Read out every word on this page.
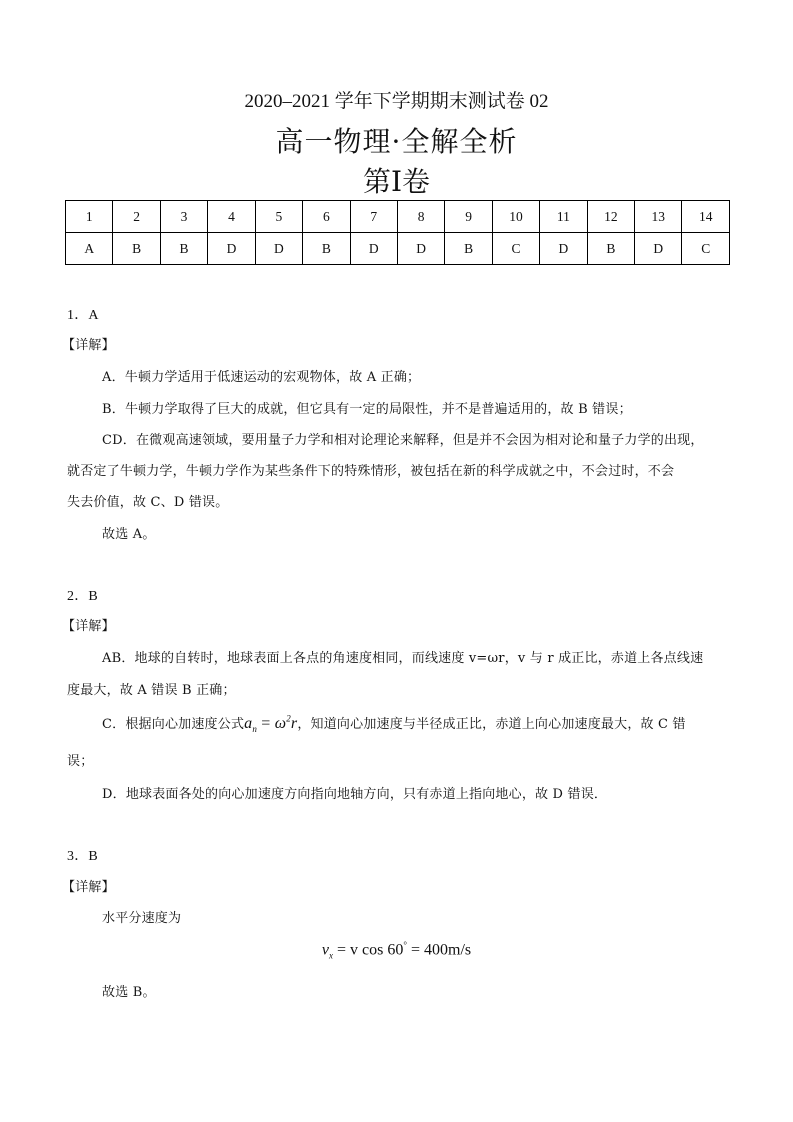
2020–2021 学年下学期期末测试卷 02
高一物理·全解全析
第I卷
1	2	3	4	5	6	7	8	9	10	11	12	13	14
A	B	B	D	D	B	D	D	B	C	D	B	D	C
1．A
【详解】
A．牛顿力学适用于低速运动的宏观物体，故 A 正确；
B．牛顿力学取得了巨大的成就，但它具有一定的局限性，并不是普遍适用的，故 B 错误；
CD．在微观高速领域，要用量子力学和相对论理论来解释，但是并不会因为相对论和量子力学的出现，
就否定了牛顿力学，牛顿力学作为某些条件下的特殊情形，被包括在新的科学成就之中，不会过时，不会
失去价值，故 C、D 错误。
故选 A。
2．B
【详解】
AB．地球的自转时，地球表面上各点的角速度相同，而线速度 v=ωr，v 与 r 成正比，赤道上各点线速
度最大，故 A 错误 B 正确；
C．根据向心加速度公式$a_n = \omega^2r$，知道向心加速度与半径成正比，赤道上向心加速度最大，故 C 错
误；
D．地球表面各处的向心加速度方向指向地轴方向，只有赤道上指向地心，故 D 错误．
3．B
【详解】
水平分速度为
$v_x = v$ cos 60° = 400m/s
故选 B。
